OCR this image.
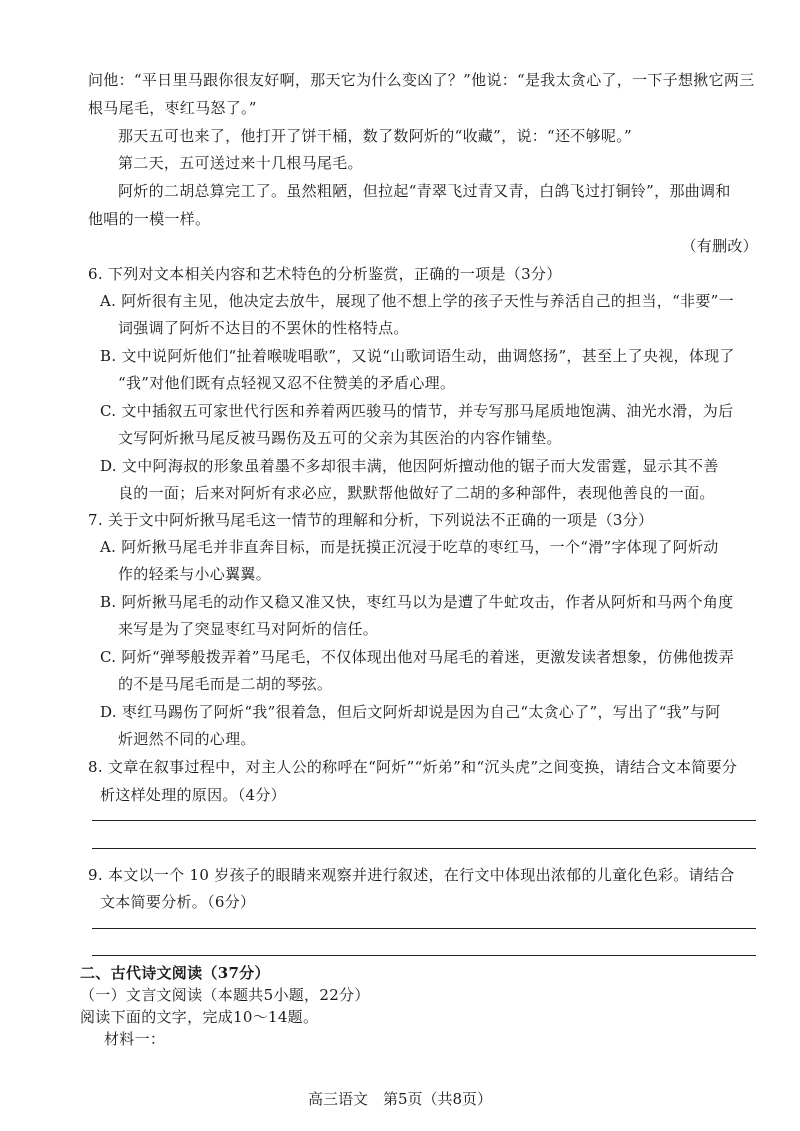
问他：“平日里马跟你很友好啊，那天它为什么变凶了？”他说：“是我太贪心了，一下子想揪它两三
根马尾毛，枣红马怒了。”
那天五可也来了，他打开了饼干桶，数了数阿炘的“收藏”，说：“还不够呢。”
第二天，五可送过来十几根马尾毛。
阿炘的二胡总算完工了。虽然粗陋，但拉起“青翠飞过青又青，白鸽飞过打铜铃”，那曲调和
他唱的一模一样。
（有删改）
6. 下列对文本相关内容和艺术特色的分析鉴赏，正确的一项是（3分）
A. 阿炘很有主见，他决定去放牛，展现了他不想上学的孩子天性与养活自己的担当，“非要”一
词强调了阿炘不达目的不罢休的性格特点。
B. 文中说阿炘他们“扯着喉咙唱歌”，又说“山歌词语生动，曲调悠扬”，甚至上了央视，体现了
“我”对他们既有点轻视又忍不住赞美的矛盾心理。
C. 文中插叙五可家世代行医和养着两匹骏马的情节，并专写那马尾质地饱满、油光水滑，为后
文写阿炘揪马尾反被马踢伤及五可的父亲为其医治的内容作铺垫。
D. 文中阿海叔的形象虽着墨不多却很丰满，他因阿炘擅动他的锯子而大发雷霆，显示其不善
良的一面；后来对阿炘有求必应，默默帮他做好了二胡的多种部件，表现他善良的一面。
7. 关于文中阿炘揪马尾毛这一情节的理解和分析，下列说法不正确的一项是（3分）
A. 阿炘揪马尾毛并非直奔目标，而是抚摸正沉浸于吃草的枣红马，一个“滑”字体现了阿炘动
作的轻柔与小心翼翼。
B. 阿炘揪马尾毛的动作又稳又准又快，枣红马以为是遭了牛虻攻击，作者从阿炘和马两个角度
来写是为了突显枣红马对阿炘的信任。
C. 阿炘“弹琴般拨弄着”马尾毛，不仅体现出他对马尾毛的着迷，更激发读者想象，仿佛他拨弄
的不是马尾毛而是二胡的琴弦。
D. 枣红马踢伤了阿炘“我”很着急，但后文阿炘却说是因为自己“太贪心了”，写出了“我”与阿
炘迥然不同的心理。
8. 文章在叙事过程中，对主人公的称呼在“阿炘”“炘弟”和“沉头虎”之间变换，请结合文本简要分
析这样处理的原因。（4分）
9. 本文以一个 10 岁孩子的眼睛来观察并进行叙述，在行文中体现出浓郁的儿童化色彩。请结合
文本简要分析。（6分）
二、古代诗文阅读（37分）
（一）文言文阅读（本题共5小题，22分）
阅读下面的文字，完成10～14题。
材料一：
高三语文　第5页（共8页）
